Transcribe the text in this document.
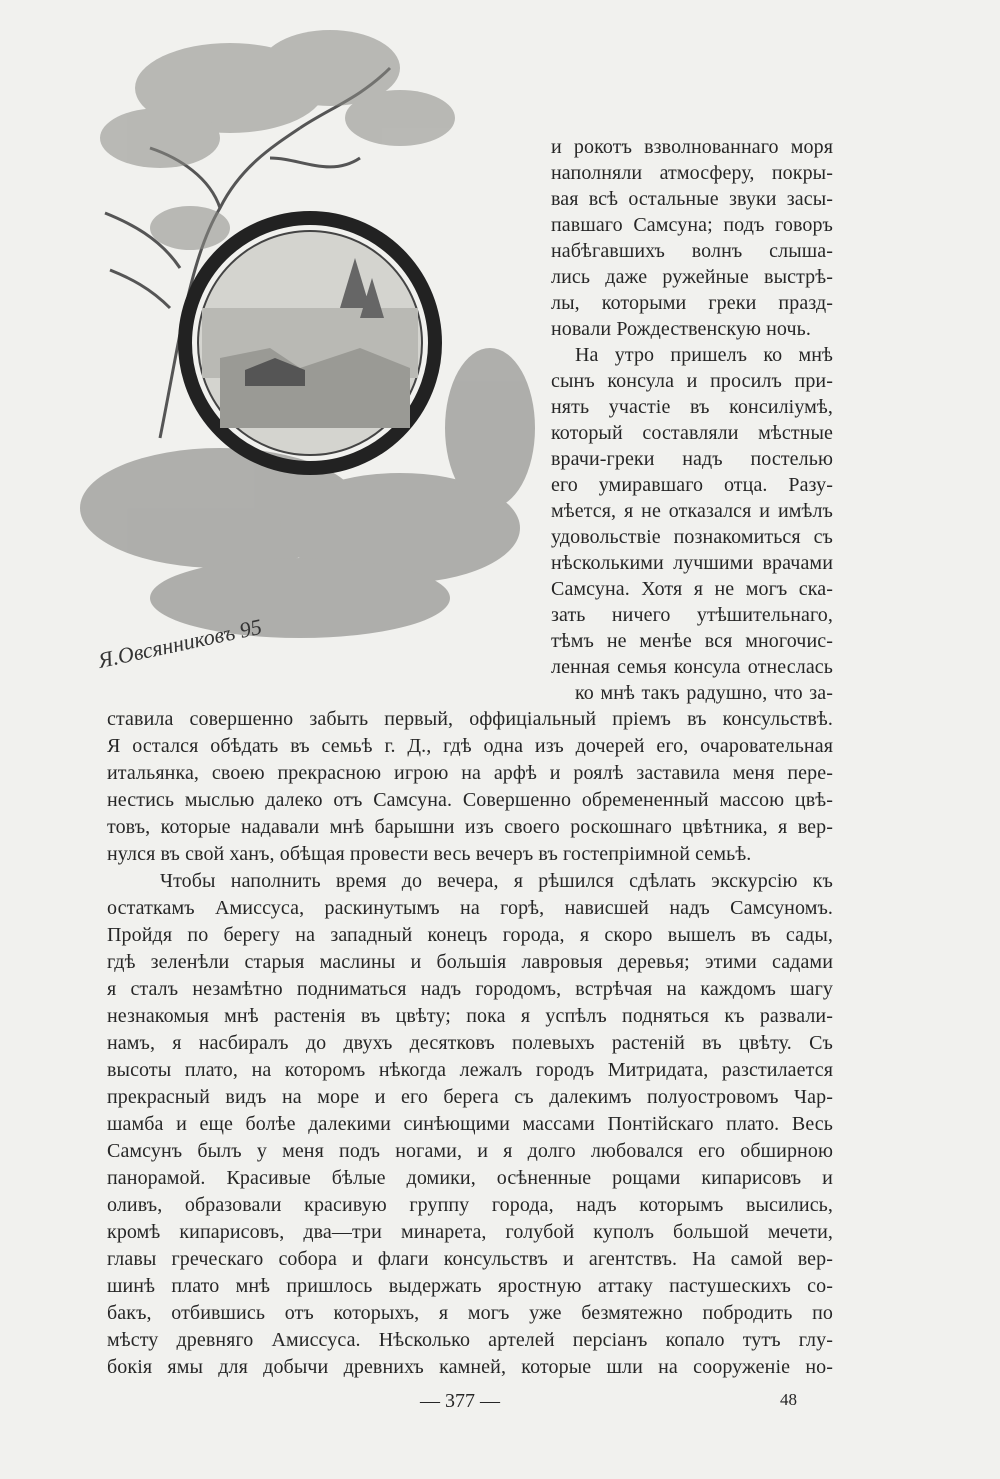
Я.Овсянниковъ 95
и рокотъ взволнованнаго моря
наполняли атмосферу, покры-
вая всѣ остальные звуки засы-
павшаго Самсуна; подъ говоръ
набѣгавшихъ волнъ слыша-
лись даже ружейные выстрѣ-
лы, которыми греки празд-
новали Рождественскую ночь.
На утро пришелъ ко мнѣ
сынъ консула и просилъ при-
нять участіе въ консиліумѣ,
который составляли мѣстные
врачи-греки надъ постелью
его умиравшаго отца. Разу-
мѣется, я не отказался и имѣлъ
удовольствіе познакомиться съ
нѣсколькими лучшими врачами
Самсуна. Хотя я не могъ ска-
зать ничего утѣшительнаго,
тѣмъ не менѣе вся многочис-
ленная семья консула отнеслась
ко мнѣ такъ радушно, что за-
ставила совершенно забыть первый, оффиціальный пріемъ въ консульствѣ.
Я остался обѣдать въ семьѣ г. Д., гдѣ одна изъ дочерей его, очаровательная
итальянка, своею прекрасною игрою на арфѣ и роялѣ заставила меня пере-
нестись мыслью далеко отъ Самсуна. Совершенно обремененный массою цвѣ-
товъ, которые надавали мнѣ барышни изъ своего роскошнаго цвѣтника, я вер-
нулся въ свой ханъ, обѣщая провести весь вечеръ въ гостепріимной семьѣ.
Чтобы наполнить время до вечера, я рѣшился сдѣлать экскурсію къ
остаткамъ Амиссуса, раскинутымъ на горѣ, нависшей надъ Самсуномъ.
Пройдя по берегу на западный конецъ города, я скоро вышелъ въ сады,
гдѣ зеленѣли старыя маслины и большія лавровыя деревья; этими садами
я сталъ незамѣтно подниматься надъ городомъ, встрѣчая на каждомъ шагу
незнакомыя мнѣ растенія въ цвѣту; пока я успѣлъ подняться къ развали-
намъ, я насбиралъ до двухъ десятковъ полевыхъ растеній въ цвѣту. Съ
высоты плато, на которомъ нѣкогда лежалъ городъ Митридата, разстилается
прекрасный видъ на море и его берега съ далекимъ полуостровомъ Чар-
шамба и еще болѣе далекими синѣющими массами Понтійскаго плато. Весь
Самсунъ былъ у меня подъ ногами, и я долго любовался его обширною
панорамой. Красивые бѣлые домики, осѣненные рощами кипарисовъ и
оливъ, образовали красивую группу города, надъ которымъ высились,
кромѣ кипарисовъ, два—три минарета, голубой куполъ большой мечети,
главы греческаго собора и флаги консульствъ и агентствъ. На самой вер-
шинѣ плато мнѣ пришлось выдержать яростную аттаку пастушескихъ со-
бакъ, отбившись отъ которыхъ, я могъ уже безмятежно побродить по
мѣсту древняго Амиссуса. Нѣсколько артелей персіанъ копало тутъ глу-
бокія ямы для добычи древнихъ камней, которые шли на сооруженіе но-
— 377 —	48
